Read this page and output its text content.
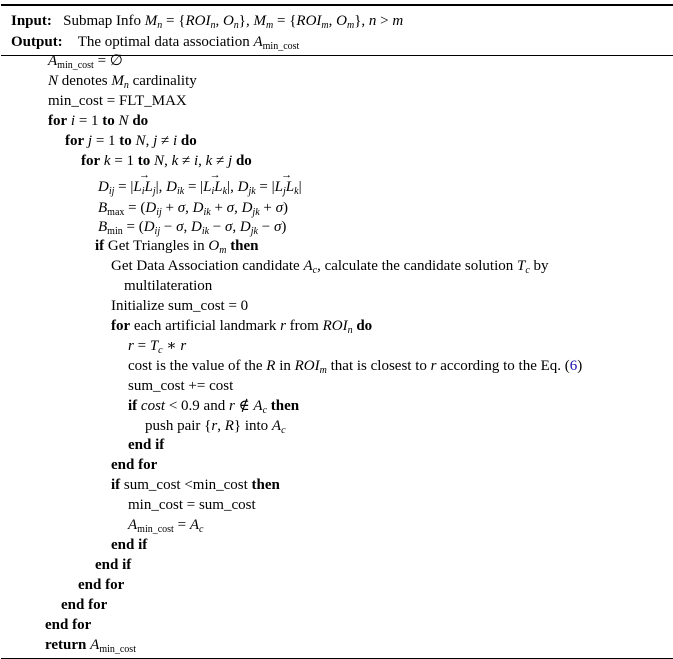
Input: Submap Info $M_n = \{ROI_n$, $O_n$}, $M_m = \{ROI_m$, $O_m$}, n > m
Output: The optimal data association $A_{min\_cost}$
$A_{min\_cost}$ = ∅
N denotes $M_n$ cardinality
min_cost = FLT_MAX
for i = 1 to N do
for j = 1 to N, j ≠ i do
for k = 1 to N, k ≠ i, k ≠ j do
$D_{ij}$ = |→ $L_iL_j|$, $D_{ik}$ = |→ $L_iL_k|$, $D_{jk}$ = |→ $L_jL_k|$
$B_{max} = (D_{ij} + \sigma$, $D_{ik} + \sigma$, $D_{jk} + \sigma$)
$B_{min} = (D_{ij} - \sigma$, $D_{ik} - \sigma$, $D_{jk} - \sigma$)
if Get Triangles in $O_m$ then
Get Data Association candidate $A_c$, calculate the candidate solution $T_c$ by
multilateration
Initialize sum_cost = 0
for each artificial landmark r from $ROI_n$ do
$r = T_c$ ∗ r
cost is the value of the R in $ROI_m$ that is closest to r according to the Eq. (6)
sum_cost += cost
if cost < 0.9 and r ∉ $A_c$ then
push pair {r, R} into $A_c$
end if
end for
if sum_cost <min_cost then
min_cost = sum_cost
$A_{min\_cost} = A_c$
end if
end if
end for
end for
end for
return $A_{min\_cost}$
